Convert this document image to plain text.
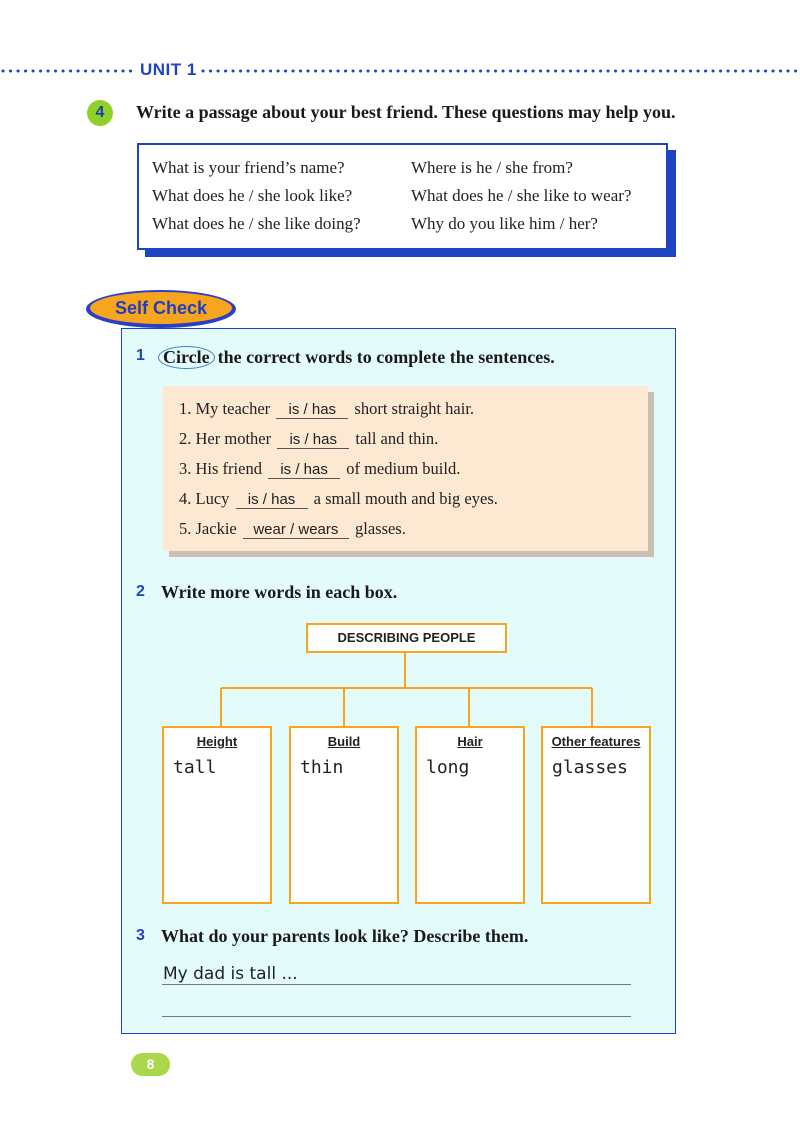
UNIT 1
4	Write a passage about your best friend. These questions may help you.
What is your friend’s name?	Where is he / she from?
What does he / she look like?	What does he / she like to wear?
What does he / she like doing?	Why do you like him / her?
Self Check
1 Circle the correct words to complete the sentences.
1. My teacher is / has short straight hair.
2. Her mother is / has tall and thin.
3. His friend is / has of medium build.
4. Lucy is / has a small mouth and big eyes.
5. Jackie wear / wears glasses.
2 Write more words in each box.
DESCRIBING PEOPLE
Height
tall
Build
thin
Hair
long
Other features
glasses
3 What do your parents look like? Describe them.
My dad is tall ...
8
